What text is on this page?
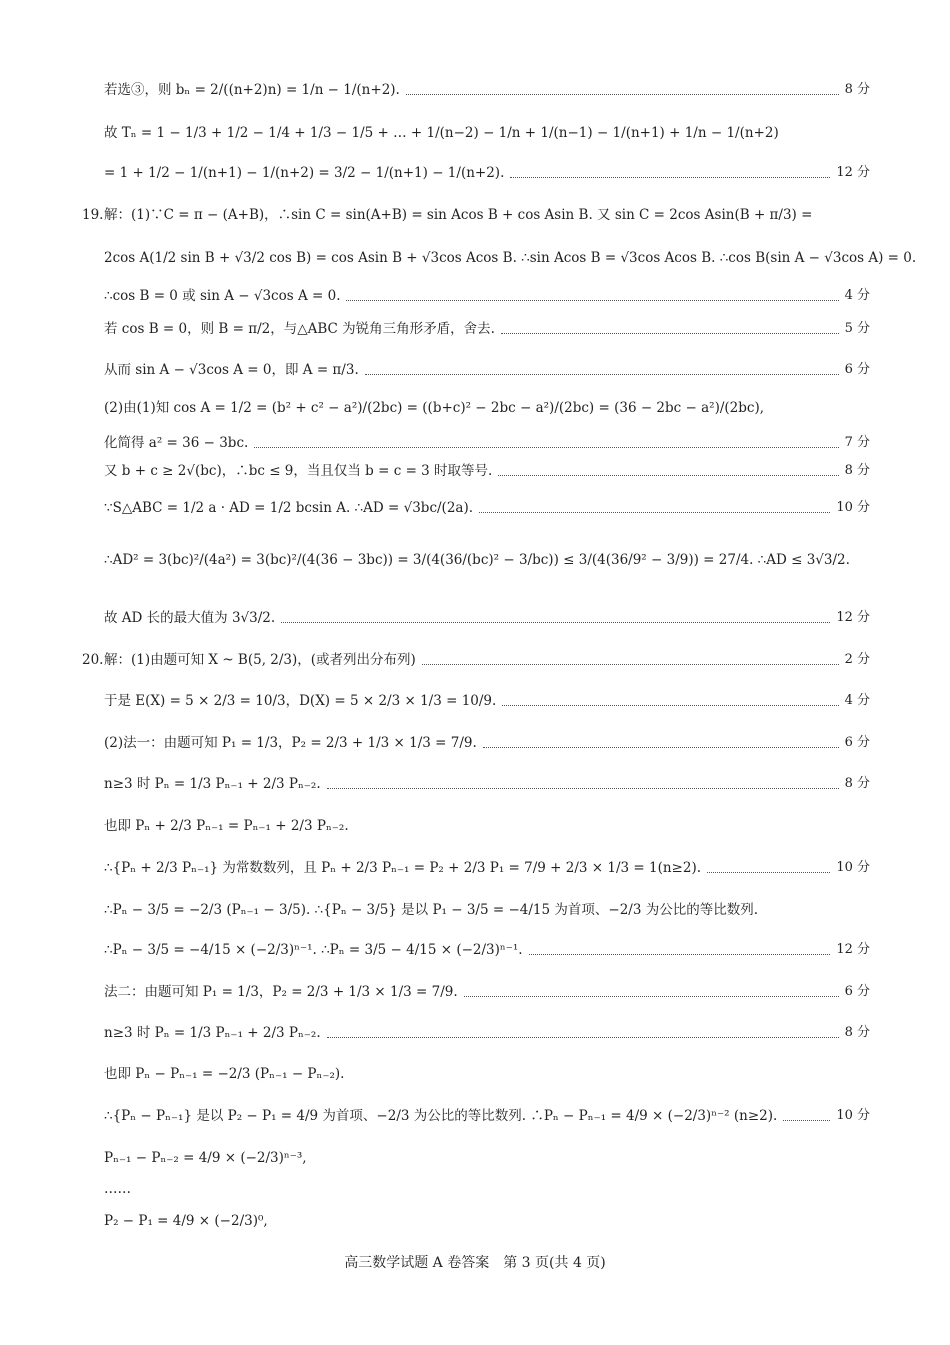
若选③，则 bₙ = 2/((n+2)n) = 1/n − 1/(n+2).	8 分
故 Tₙ = 1 − 1/3 + 1/2 − 1/4 + 1/3 − 1/5 + … + 1/(n−2) − 1/n + 1/(n−1) − 1/(n+1) + 1/n − 1/(n+2)
= 1 + 1/2 − 1/(n+1) − 1/(n+2) = 3/2 − 1/(n+1) − 1/(n+2).	12 分
19. 解：(1)∵C = π − (A+B)，∴sin C = sin(A+B) = sin Acos B + cos Asin B. 又 sin C = 2cos Asin(B + π/3) =
2cos A(1/2 sin B + √3/2 cos B) = cos Asin B + √3cos Acos B. ∴sin Acos B = √3cos Acos B. ∴cos B(sin A − √3cos A) = 0.
∴cos B = 0 或 sin A − √3cos A = 0.	4 分
若 cos B = 0，则 B = π/2，与△ABC 为锐角三角形矛盾，舍去.	5 分
从而 sin A − √3cos A = 0，即 A = π/3.	6 分
(2)由(1)知 cos A = 1/2 = (b² + c² − a²)/(2bc) = ((b+c)² − 2bc − a²)/(2bc) = (36 − 2bc − a²)/(2bc),
化简得 a² = 36 − 3bc.	7 分
又 b + c ≥ 2√(bc)，∴bc ≤ 9，当且仅当 b = c = 3 时取等号.	8 分
∵S△ABC = 1/2 a · AD = 1/2 bcsin A. ∴AD = √3bc/(2a).	10 分
∴AD² = 3(bc)²/(4a²) = 3(bc)²/(4(36 − 3bc)) = 3/(4(36/(bc)² − 3/bc)) ≤ 3/(4(36/9² − 3/9)) = 27/4. ∴AD ≤ 3√3/2.
故 AD 长的最大值为 3√3/2.	12 分
20. 解：(1)由题可知 X ~ B(5, 2/3)，(或者列出分布列)	2 分
于是 E(X) = 5 × 2/3 = 10/3，D(X) = 5 × 2/3 × 1/3 = 10/9.	4 分
(2)法一：由题可知 P₁ = 1/3，P₂ = 2/3 + 1/3 × 1/3 = 7/9.	6 分
n≥3 时 Pₙ = 1/3 Pₙ₋₁ + 2/3 Pₙ₋₂.	8 分
也即 Pₙ + 2/3 Pₙ₋₁ = Pₙ₋₁ + 2/3 Pₙ₋₂.
∴{Pₙ + 2/3 Pₙ₋₁} 为常数数列，且 Pₙ + 2/3 Pₙ₋₁ = P₂ + 2/3 P₁ = 7/9 + 2/3 × 1/3 = 1(n≥2).	10 分
∴Pₙ − 3/5 = −2/3 (Pₙ₋₁ − 3/5). ∴{Pₙ − 3/5} 是以 P₁ − 3/5 = −4/15 为首项、−2/3 为公比的等比数列.
∴Pₙ − 3/5 = −4/15 × (−2/3)ⁿ⁻¹. ∴Pₙ = 3/5 − 4/15 × (−2/3)ⁿ⁻¹.	12 分
法二：由题可知 P₁ = 1/3，P₂ = 2/3 + 1/3 × 1/3 = 7/9.	6 分
n≥3 时 Pₙ = 1/3 Pₙ₋₁ + 2/3 Pₙ₋₂.	8 分
也即 Pₙ − Pₙ₋₁ = −2/3 (Pₙ₋₁ − Pₙ₋₂).
∴{Pₙ − Pₙ₋₁} 是以 P₂ − P₁ = 4/9 为首项、−2/3 为公比的等比数列. ∴Pₙ − Pₙ₋₁ = 4/9 × (−2/3)ⁿ⁻² (n≥2).	10 分
Pₙ₋₁ − Pₙ₋₂ = 4/9 × (−2/3)ⁿ⁻³,
……
P₂ − P₁ = 4/9 × (−2/3)⁰,
高三数学试题 A 卷答案　第 3 页(共 4 页)
